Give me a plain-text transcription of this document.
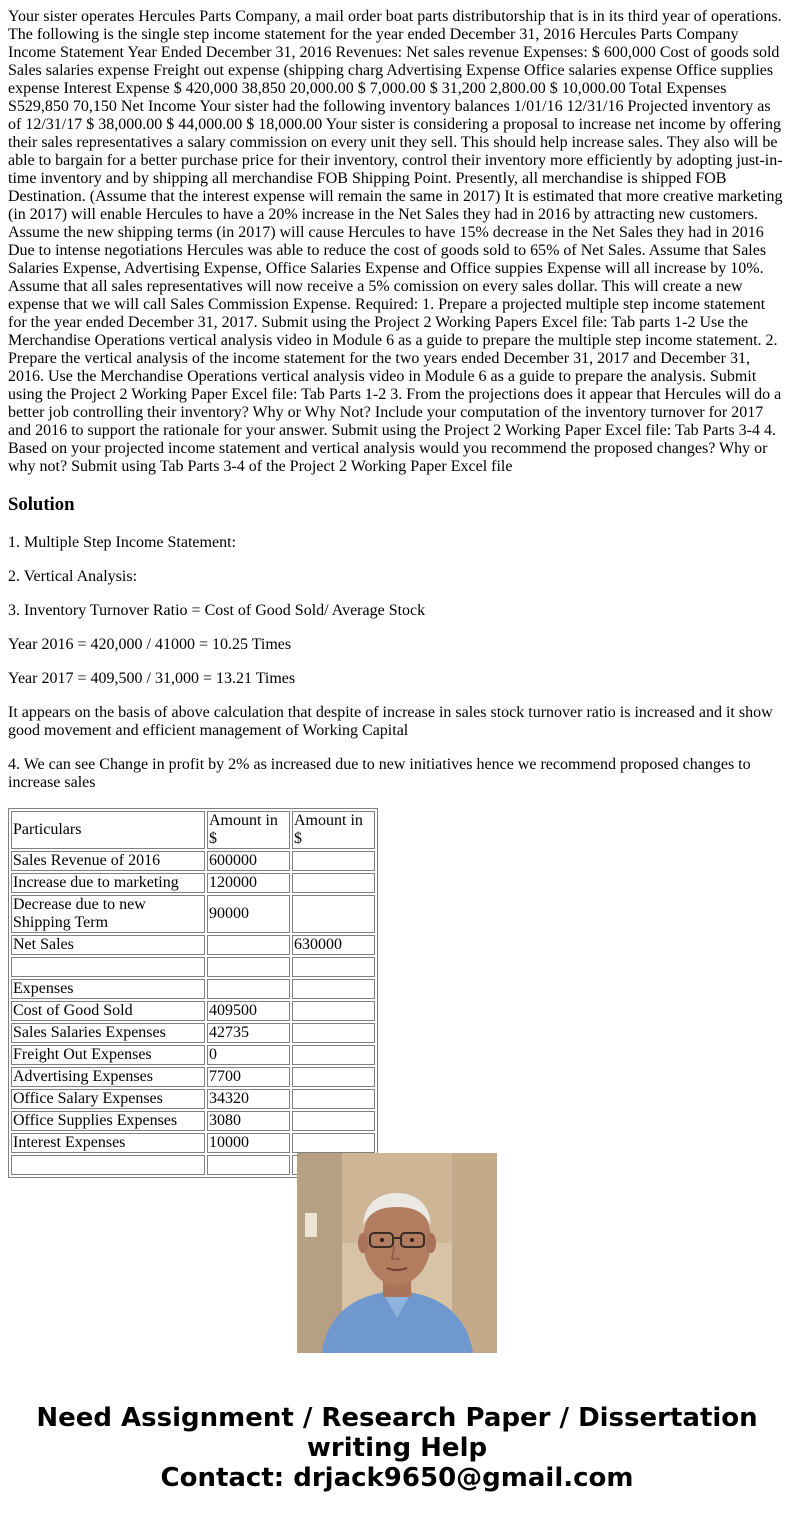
Your sister operates Hercules Parts Company, a mail order boat parts distributorship that is in its third year of operations. The following is the single step income statement for the year ended December 31, 2016 Hercules Parts Company Income Statement Year Ended December 31, 2016 Revenues: Net sales revenue Expenses: $ 600,000 Cost of goods sold Sales salaries expense Freight out expense (shipping charg Advertising Expense Office salaries expense Office supplies expense Interest Expense $ 420,000 38,850 20,000.00 $ 7,000.00 $ 31,200 2,800.00 $ 10,000.00 Total Expenses S529,850 70,150 Net Income Your sister had the following inventory balances 1/01/16 12/31/16 Projected inventory as of 12/31/17 $ 38,000.00 $ 44,000.00 $ 18,000.00 Your sister is considering a proposal to increase net income by offering their sales representatives a salary commission on every unit they sell. This should help increase sales. They also will be able to bargain for a better purchase price for their inventory, control their inventory more efficiently by adopting just-in-time inventory and by shipping all merchandise FOB Shipping Point. Presently, all merchandise is shipped FOB Destination. (Assume that the interest expense will remain the same in 2017) It is estimated that more creative marketing (in 2017) will enable Hercules to have a 20% increase in the Net Sales they had in 2016 by attracting new customers. Assume the new shipping terms (in 2017) will cause Hercules to have 15% decrease in the Net Sales they had in 2016 Due to intense negotiations Hercules was able to reduce the cost of goods sold to 65% of Net Sales. Assume that Sales Salaries Expense, Advertising Expense, Office Salaries Expense and Office suppies Expense will all increase by 10%. Assume that all sales representatives will now receive a 5% comission on every sales dollar. This will create a new expense that we will call Sales Commission Expense. Required: 1. Prepare a projected multiple step income statement for the year ended December 31, 2017. Submit using the Project 2 Working Papers Excel file: Tab parts 1-2 Use the Merchandise Operations vertical analysis video in Module 6 as a guide to prepare the multiple step income statement. 2. Prepare the vertical analysis of the income statement for the two years ended December 31, 2017 and December 31, 2016. Use the Merchandise Operations vertical analysis video in Module 6 as a guide to prepare the analysis. Submit using the Project 2 Working Paper Excel file: Tab Parts 1-2 3. From the projections does it appear that Hercules will do a better job controlling their inventory? Why or Why Not? Include your computation of the inventory turnover for 2017 and 2016 to support the rationale for your answer. Submit using the Project 2 Working Paper Excel file: Tab Parts 3-4 4. Based on your projected income statement and vertical analysis would you recommend the proposed changes? Why or why not? Submit using Tab Parts 3-4 of the Project 2 Working Paper Excel file
Solution

1. Multiple Step Income Statement:

2. Vertical Analysis:

3. Inventory Turnover Ratio = Cost of Good Sold/ Average Stock

Year 2016 = 420,000 / 41000 = 10.25 Times

Year 2017 = 409,500 / 31,000 = 13.21 Times

It appears on the basis of above calculation that despite of increase in sales stock turnover ratio is increased and it show good movement and efficient management of Working Capital

4. We can see Change in profit by 2% as increased due to new initiatives hence we recommend proposed changes to increase sales

Particulars	Amount in $	Amount in $
Sales Revenue of 2016	600000	
Increase due to marketing	120000	
Decrease due to new Shipping Term	90000	
Net Sales		630000

Expenses		
Cost of Good Sold	409500	
Sales Salaries Expenses	42735	
Freight Out Expenses	0	
Advertising Expenses	7700	
Office Salary Expenses	34320	
Office Supplies Expenses	3080	
Interest Expenses	10000	

Need Assignment / Research Paper / Dissertation writing Help
Contact: drjack9650@gmail.com
